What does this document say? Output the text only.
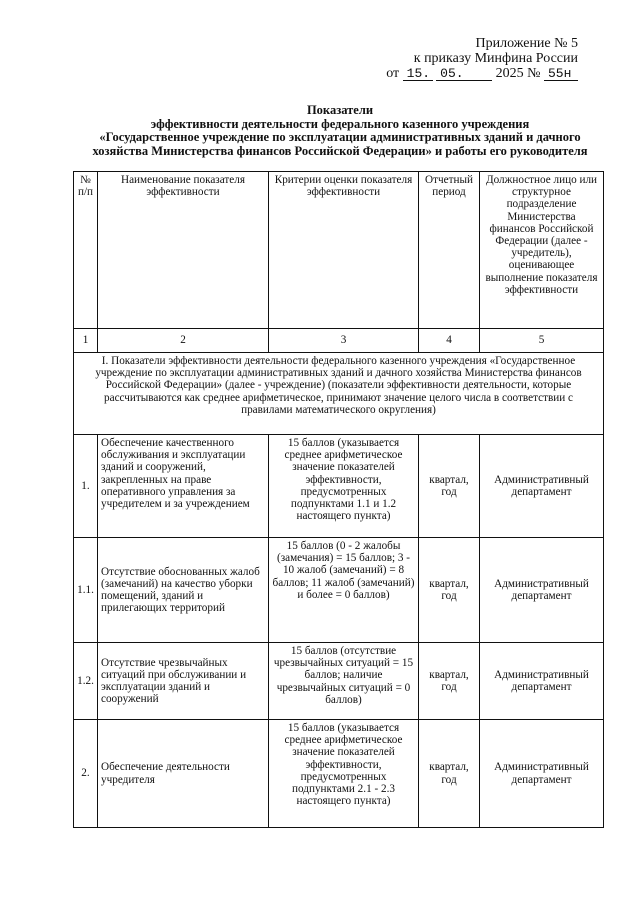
Приложение № 5
к приказу Минфина России
от 15. 05. 2025 № 55н
Показатели
эффективности деятельности федерального казенного учреждения
«Государственное учреждение по эксплуатации административных зданий и дачного
хозяйства Министерства финансов Российской Федерации» и работы его руководителя
№ п/п	Наименование показателя эффективности	Критерии оценки показателя эффективности	Отчетный период	Должностное лицо или структурное подразделение Министерства финансов Российской Федерации (далее - учредитель), оценивающее выполнение показателя эффективности
1	2	3	4	5
I. Показатели эффективности деятельности федерального казенного учреждения «Государственное учреждение по эксплуатации административных зданий и дачного хозяйства Министерства финансов Российской Федерации» (далее - учреждение) (показатели эффективности деятельности, которые рассчитываются как среднее арифметическое, принимают значение целого числа в соответствии с правилами математического округления)				
1.	Обеспечение качественного обслуживания и эксплуатации зданий и сооружений, закрепленных на праве оперативного управления за учредителем и за учреждением	15 баллов (указывается среднее арифметическое значение показателей эффективности, предусмотренных подпунктами 1.1 и 1.2 настоящего пункта)	квартал, год	Административный департамент
1.1.	Отсутствие обоснованных жалоб (замечаний) на качество уборки помещений, зданий и прилегающих территорий	15 баллов (0 - 2 жалобы (замечания) = 15 баллов; 3 - 10 жалоб (замечаний) = 8 баллов; 11 жалоб (замечаний) и более = 0 баллов)	квартал, год	Административный департамент
1.2.	Отсутствие чрезвычайных ситуаций при обслуживании и эксплуатации зданий и сооружений	15 баллов (отсутствие чрезвычайных ситуаций = 15 баллов; наличие чрезвычайных ситуаций = 0 баллов)	квартал, год	Административный департамент
2.	Обеспечение деятельности учредителя	15 баллов (указывается среднее арифметическое значение показателей эффективности, предусмотренных подпунктами 2.1 - 2.3 настоящего пункта)	квартал, год	Административный департамент
